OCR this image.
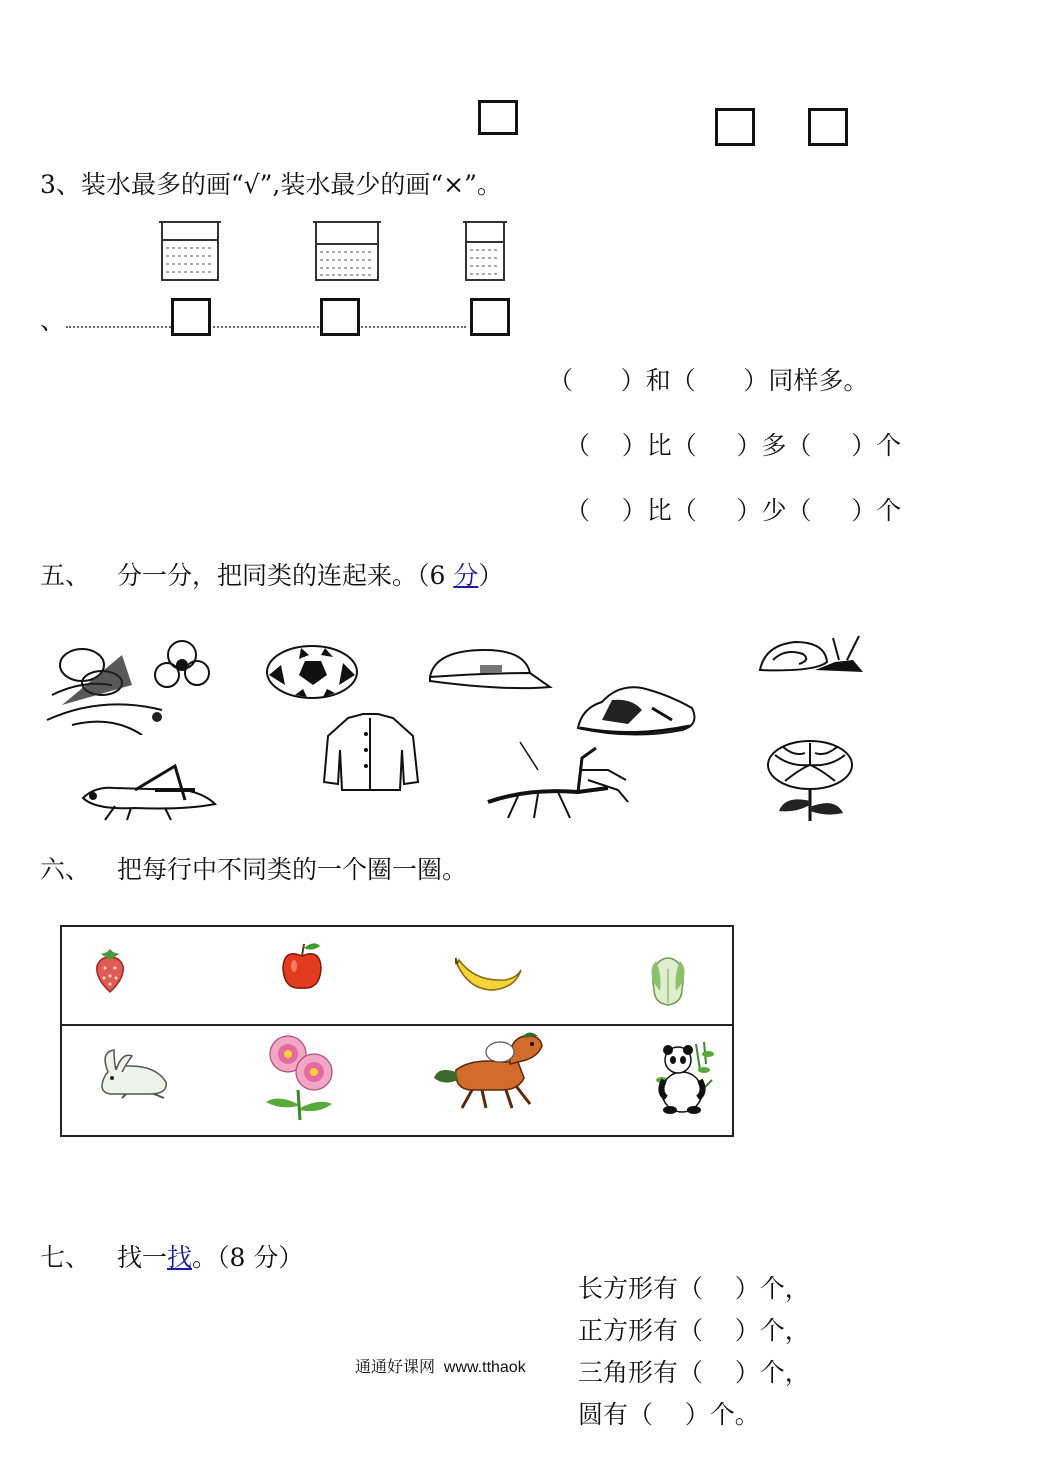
3、装水最多的画“√”,装水最少的画“×”。
、
（      ）和（      ）同样多。
（    ）比（     ）多（     ）个
（    ）比（     ）少（     ）个
五、 分一分，把同类的连起来。（6 分）
六、 把每行中不同类的一个圈一圈。
七、 找一找。（8 分）
长方形有（    ）个，
正方形有（    ）个，
三角形有（    ）个，
圆有（    ）个。
通通好课网  www.tthaok
